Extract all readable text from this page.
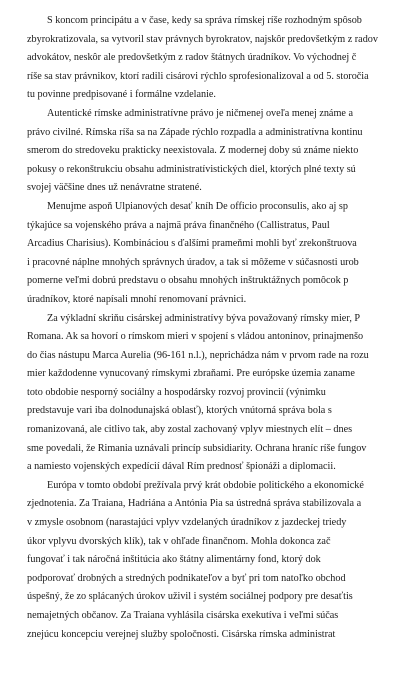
S koncom principátu a v čase, kedy sa správa rímskej ríše rozhodným spôsob
zbyrokratizovala, sa vytvoril stav právnych byrokratov, najskôr predovšetkým z radov
advokátov, neskôr ale predovšetkým z radov štátnych úradníkov. Vo východnej č
ríše sa stav právnikov, ktorí radili cisárovi rýchlo sprofesionalizoval a od 5. storočia
tu povinne predpisované i formálne vzdelanie.

Autentické rímske administratívne právo je ničmenej oveľa menej známe a
právo civilné. Rímska ríša sa na Západe rýchlo rozpadla a administratívna kontinu
smerom do stredoveku prakticky neexistovala. Z modernej doby sú známe niekto
pokusy o rekonštrukciu obsahu administratívistických diel, ktorých plné texty sú
svojej väčšine dnes už nenávratne stratené.

Menujme aspoň Ulpianových desať kníh De officio proconsulis, ako aj sp
týkajúce sa vojenského práva a najmä práva finančného (Callistratus, Paul
Arcadius Charisius). Kombináciou s ďalšími prameňmi mohli byť zrekonštruova
i pracovné náplne mnohých správnych úradov, a tak si môžeme v súčasnosti urob
pomerne veľmi dobrú predstavu o obsahu mnohých inštruktážnych pomôcok p
úradníkov, ktoré napísali mnohí renomovaní právnici.

Za výkladní skriňu cisárskej administratívy býva považovaný rímsky mier, P
Romana. Ak sa hovorí o rímskom mieri v spojení s vládou antoninov, prinajmenšo
do čias nástupu Marca Aurelia (96-161 n.l.), neprichádza nám v prvom rade na rozu
mier každodenne vynucovaný rímskymi zbraňami. Pre európske územia zaname
toto obdobie nesporný sociálny a hospodársky rozvoj provincií (výnimku
predstavuje vari iba dolnodunajská oblasť), ktorých vnútorná správa bola s
romanizovaná, ale citlivo tak, aby zostal zachovaný vplyv miestnych elít – dnes
sme povedali, že Rimania uznávali princíp subsidiarity. Ochrana hraníc ríše fungov
a namiesto vojenských expedícií dával Rím prednosť špionáži a diplomacii.

Európa v tomto období prežívala prvý krát obdobie politického a ekonomické
zjednotenia. Za Traiana, Hadriána a Antónia Pia sa ústredná správa stabilizovala a
v zmysle osobnom (narastajúci vplyv vzdelaných úradníkov z jazdeckej triedy
úkor vplyvu dvorských klík), tak v ohľade finančnom. Mohla dokonca zač
fungovať i tak náročná inštitúcia ako štátny alimentárny fond, ktorý dok
podporovať drobných a stredných podnikateľov a byť pri tom natoľko obchod
úspešný, že zo splácaných úrokov uživil i systém sociálnej podpory pre desaťtis
nemajetných občanov. Za Traiana vyhlásila cisárska exekutíva i veľmi súčas
znejúcu koncepciu verejnej služby spoločnosti. Cisárska rímska administrat
